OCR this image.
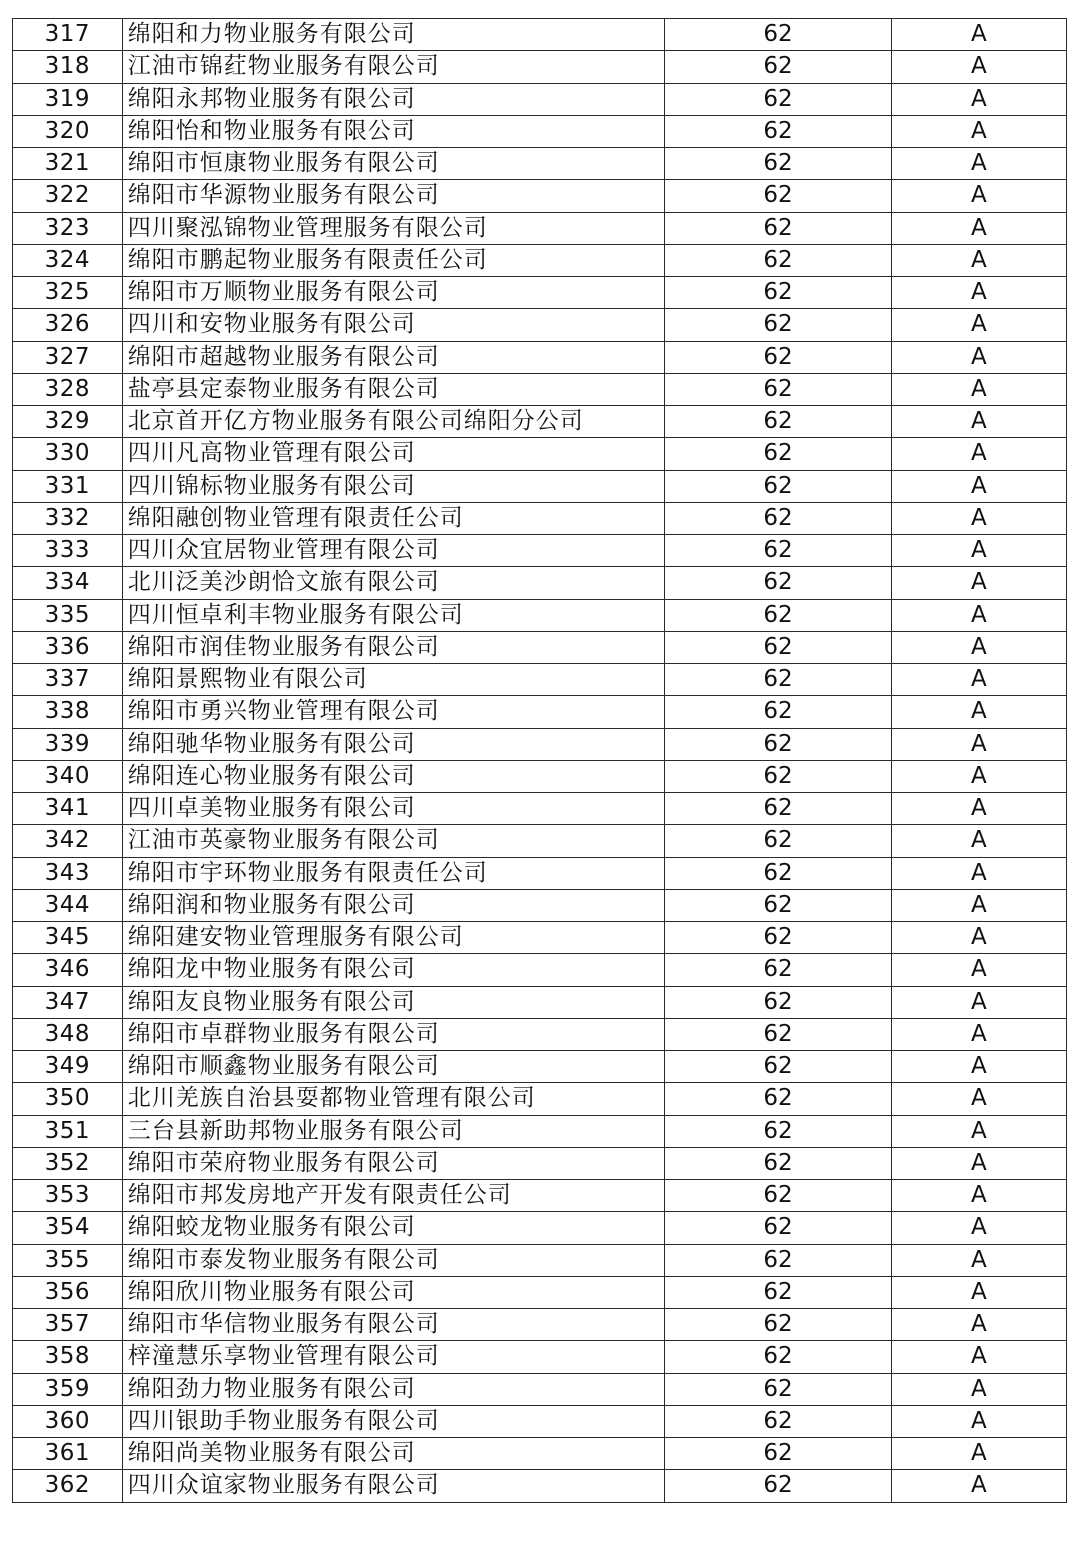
317	绵阳和力物业服务有限公司	62	A
318	江油市锦荭物业服务有限公司	62	A
319	绵阳永邦物业服务有限公司	62	A
320	绵阳怡和物业服务有限公司	62	A
321	绵阳市恒康物业服务有限公司	62	A
322	绵阳市华源物业服务有限公司	62	A
323	四川聚泓锦物业管理服务有限公司	62	A
324	绵阳市鹏起物业服务有限责任公司	62	A
325	绵阳市万顺物业服务有限公司	62	A
326	四川和安物业服务有限公司	62	A
327	绵阳市超越物业服务有限公司	62	A
328	盐亭县定泰物业服务有限公司	62	A
329	北京首开亿方物业服务有限公司绵阳分公司	62	A
330	四川凡高物业管理有限公司	62	A
331	四川锦标物业服务有限公司	62	A
332	绵阳融创物业管理有限责任公司	62	A
333	四川众宜居物业管理有限公司	62	A
334	北川泛美沙朗恰文旅有限公司	62	A
335	四川恒卓利丰物业服务有限公司	62	A
336	绵阳市润佳物业服务有限公司	62	A
337	绵阳景熙物业有限公司	62	A
338	绵阳市勇兴物业管理有限公司	62	A
339	绵阳驰华物业服务有限公司	62	A
340	绵阳连心物业服务有限公司	62	A
341	四川卓美物业服务有限公司	62	A
342	江油市英豪物业服务有限公司	62	A
343	绵阳市宇环物业服务有限责任公司	62	A
344	绵阳润和物业服务有限公司	62	A
345	绵阳建安物业管理服务有限公司	62	A
346	绵阳龙中物业服务有限公司	62	A
347	绵阳友良物业服务有限公司	62	A
348	绵阳市卓群物业服务有限公司	62	A
349	绵阳市顺鑫物业服务有限公司	62	A
350	北川羌族自治县耍都物业管理有限公司	62	A
351	三台县新助邦物业服务有限公司	62	A
352	绵阳市荣府物业服务有限公司	62	A
353	绵阳市邦发房地产开发有限责任公司	62	A
354	绵阳蛟龙物业服务有限公司	62	A
355	绵阳市泰发物业服务有限公司	62	A
356	绵阳欣川物业服务有限公司	62	A
357	绵阳市华信物业服务有限公司	62	A
358	梓潼慧乐享物业管理有限公司	62	A
359	绵阳劲力物业服务有限公司	62	A
360	四川银助手物业服务有限公司	62	A
361	绵阳尚美物业服务有限公司	62	A
362	四川众谊家物业服务有限公司	62	A
